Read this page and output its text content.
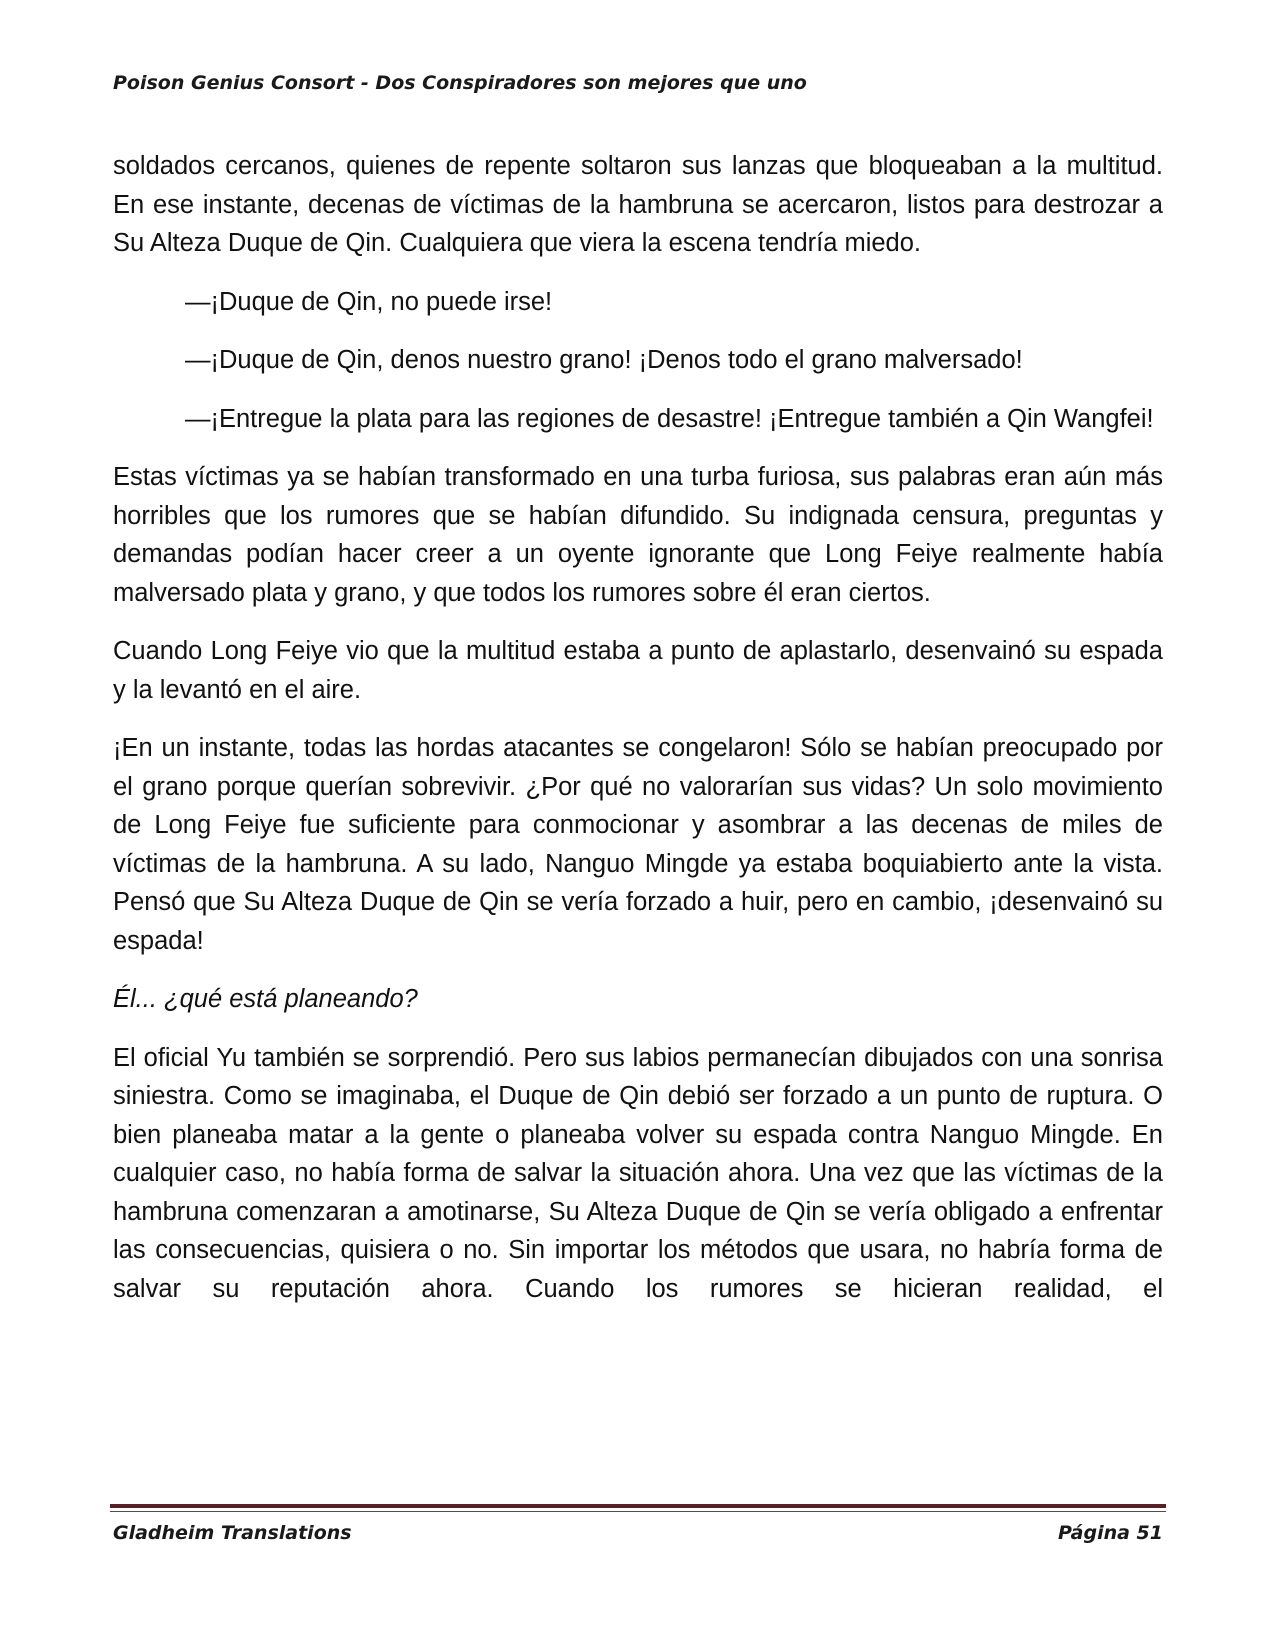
Poison Genius Consort - Dos Conspiradores son mejores que uno

soldados cercanos, quienes de repente soltaron sus lanzas que bloqueaban a la multitud. En ese instante, decenas de víctimas de la hambruna se acercaron, listos para destrozar a Su Alteza Duque de Qin. Cualquiera que viera la escena tendría miedo.

—¡Duque de Qin, no puede irse!

—¡Duque de Qin, denos nuestro grano! ¡Denos todo el grano malversado!

—¡Entregue la plata para las regiones de desastre! ¡Entregue también a Qin Wangfei!

Estas víctimas ya se habían transformado en una turba furiosa, sus palabras eran aún más horribles que los rumores que se habían difundido. Su indignada censura, preguntas y demandas podían hacer creer a un oyente ignorante que Long Feiye realmente había malversado plata y grano, y que todos los rumores sobre él eran ciertos.

Cuando Long Feiye vio que la multitud estaba a punto de aplastarlo, desenvainó su espada y la levantó en el aire.

¡En un instante, todas las hordas atacantes se congelaron! Sólo se habían preocupado por el grano porque querían sobrevivir. ¿Por qué no valorarían sus vidas? Un solo movimiento de Long Feiye fue suficiente para conmocionar y asombrar a las decenas de miles de víctimas de la hambruna. A su lado, Nanguo Mingde ya estaba boquiabierto ante la vista. Pensó que Su Alteza Duque de Qin se vería forzado a huir, pero en cambio, ¡desenvainó su espada!

Él... ¿qué está planeando?

El oficial Yu también se sorprendió. Pero sus labios permanecían dibujados con una sonrisa siniestra. Como se imaginaba, el Duque de Qin debió ser forzado a un punto de ruptura. O bien planeaba matar a la gente o planeaba volver su espada contra Nanguo Mingde. En cualquier caso, no había forma de salvar la situación ahora. Una vez que las víctimas de la hambruna comenzaran a amotinarse, Su Alteza Duque de Qin se vería obligado a enfrentar las consecuencias, quisiera o no. Sin importar los métodos que usara, no habría forma de salvar su reputación ahora. Cuando los rumores se hicieran realidad, el

Gladheim Translations	Página 51
